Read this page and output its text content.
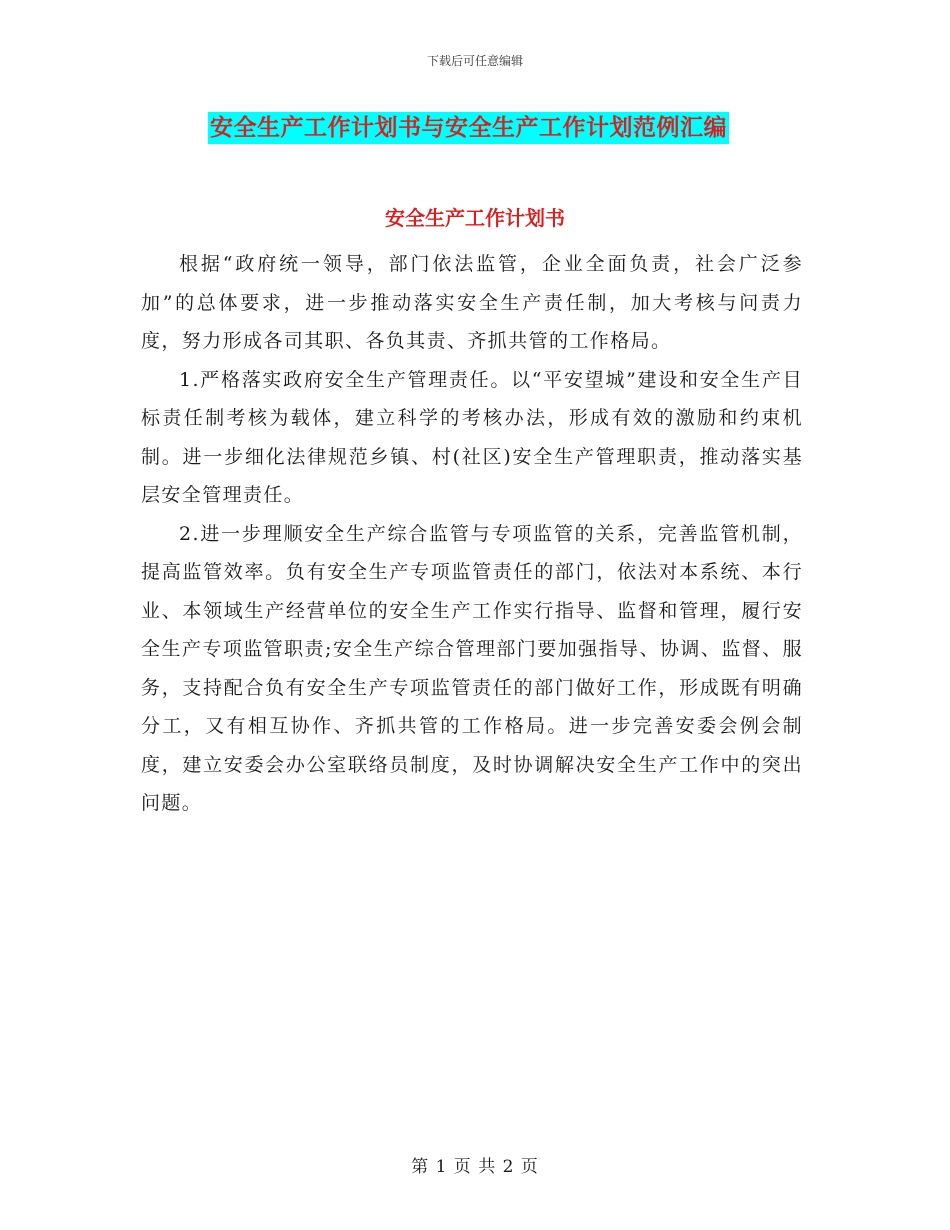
下载后可任意编辑
安全生产工作计划书与安全生产工作计划范例汇编
安全生产工作计划书

根据“政府统一领导，部门依法监管，企业全面负责，社会广泛参加”的总体要求，进一步推动落实安全生产责任制，加大考核与问责力度，努力形成各司其职、各负其责、齐抓共管的工作格局。

1.严格落实政府安全生产管理责任。以“平安望城”建设和安全生产目标责任制考核为载体，建立科学的考核办法，形成有效的激励和约束机制。进一步细化法律规范乡镇、村(社区)安全生产管理职责，推动落实基层安全管理责任。

2.进一步理顺安全生产综合监管与专项监管的关系，完善监管机制，提高监管效率。负有安全生产专项监管责任的部门，依法对本系统、本行业、本领域生产经营单位的安全生产工作实行指导、监督和管理，履行安全生产专项监管职责;安全生产综合管理部门要加强指导、协调、监督、服务，支持配合负有安全生产专项监管责任的部门做好工作，形成既有明确分工，又有相互协作、齐抓共管的工作格局。进一步完善安委会例会制度，建立安委会办公室联络员制度，及时协调解决安全生产工作中的突出问题。

第 1 页 共 2 页
